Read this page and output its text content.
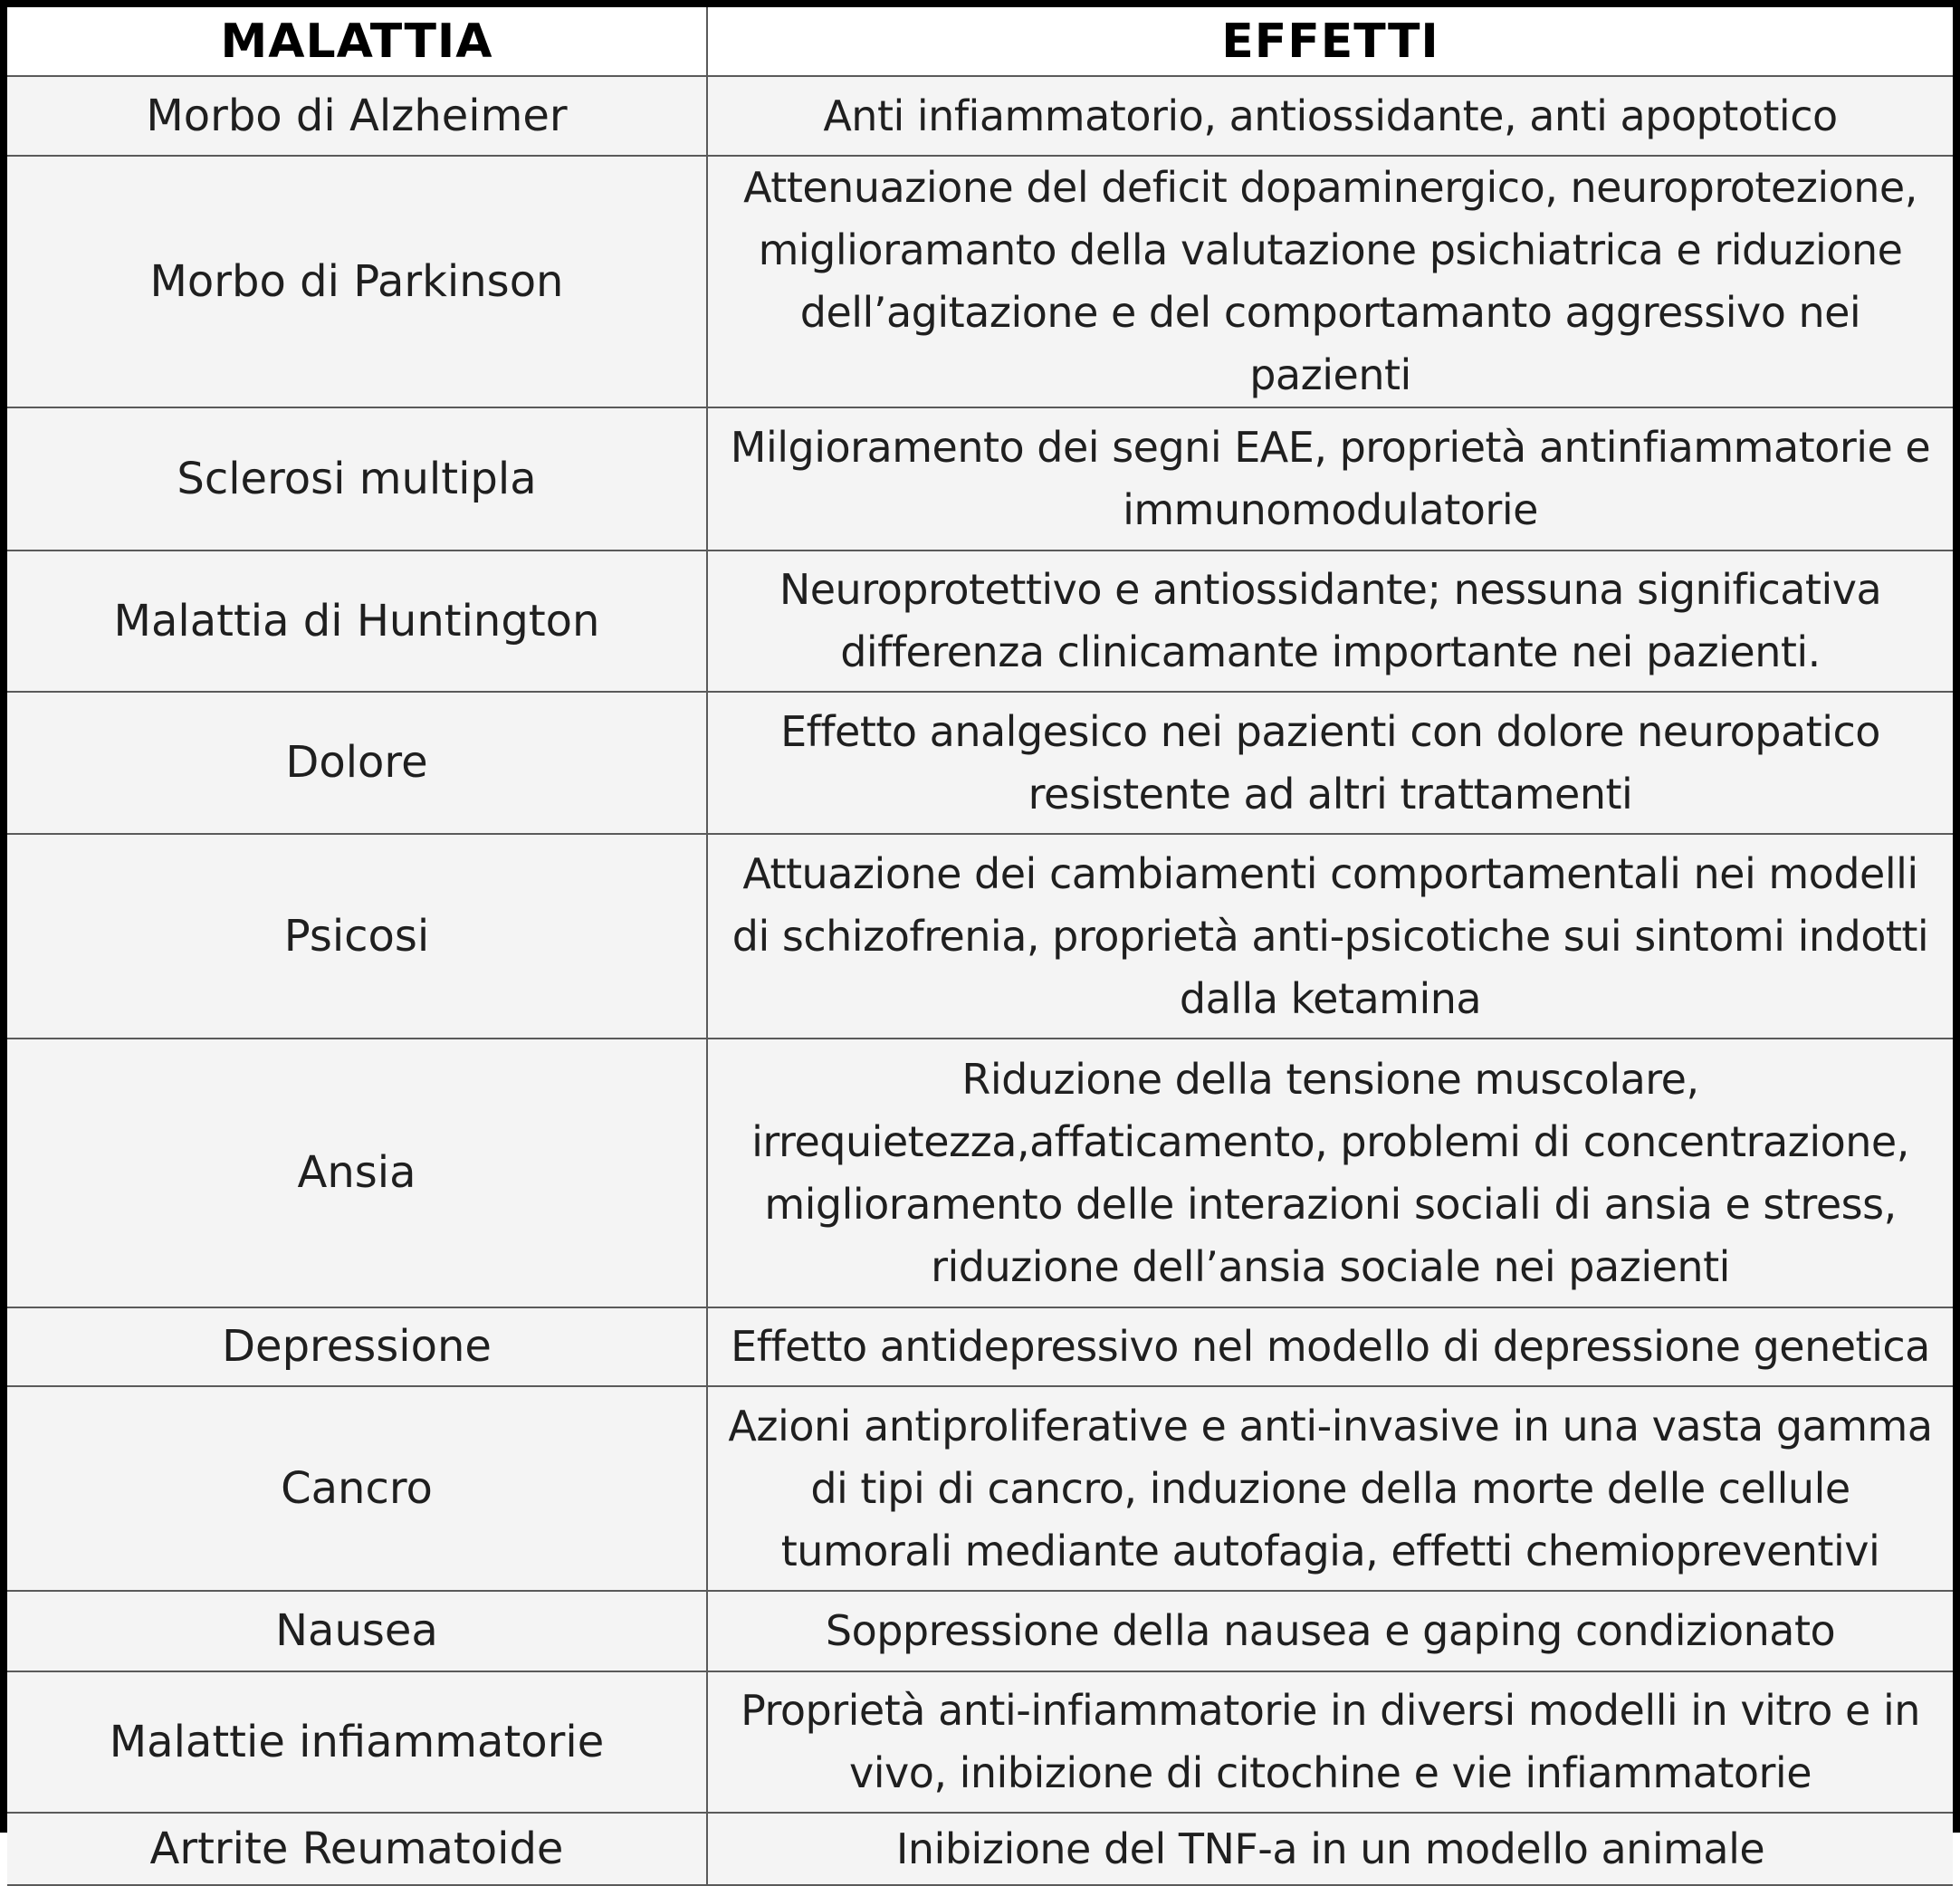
MALATTIA	EFFETTI
Morbo di Alzheimer	Anti infiammatorio, antiossidante, anti apoptotico
Morbo di Parkinson	Attenuazione del deficit dopaminergico, neuroprotezione, miglioramanto della valutazione psichiatrica e riduzione dell’agitazione e del comportamanto aggressivo nei pazienti
Sclerosi multipla	Milgioramento dei segni EAE, proprietà antinfiammatorie e immunomodulatorie
Malattia di Huntington	Neuroprotettivo e antiossidante; nessuna significativa differenza clinicamante importante nei pazienti.
Dolore	Effetto analgesico nei pazienti con dolore neuropatico resistente ad altri trattamenti
Psicosi	Attuazione dei cambiamenti comportamentali nei modelli di schizofrenia, proprietà anti-psicotiche sui sintomi indotti dalla ketamina
Ansia	Riduzione della tensione muscolare, irrequietezza,affaticamento, problemi di concentrazione, miglioramento delle interazioni sociali di ansia e stress, riduzione dell’ansia sociale nei pazienti
Depressione	Effetto antidepressivo nel modello di depressione genetica
Cancro	Azioni antiproliferative e anti-invasive in una vasta gamma di tipi di cancro, induzione della morte delle cellule tumorali mediante autofagia, effetti chemiopreventivi
Nausea	Soppressione della nausea e gaping condizionato
Malattie infiammatorie	Proprietà anti-infiammatorie in diversi modelli in vitro e in vivo, inibizione di citochine e vie infiammatorie
Artrite Reumatoide	Inibizione del TNF-a in un modello animale
